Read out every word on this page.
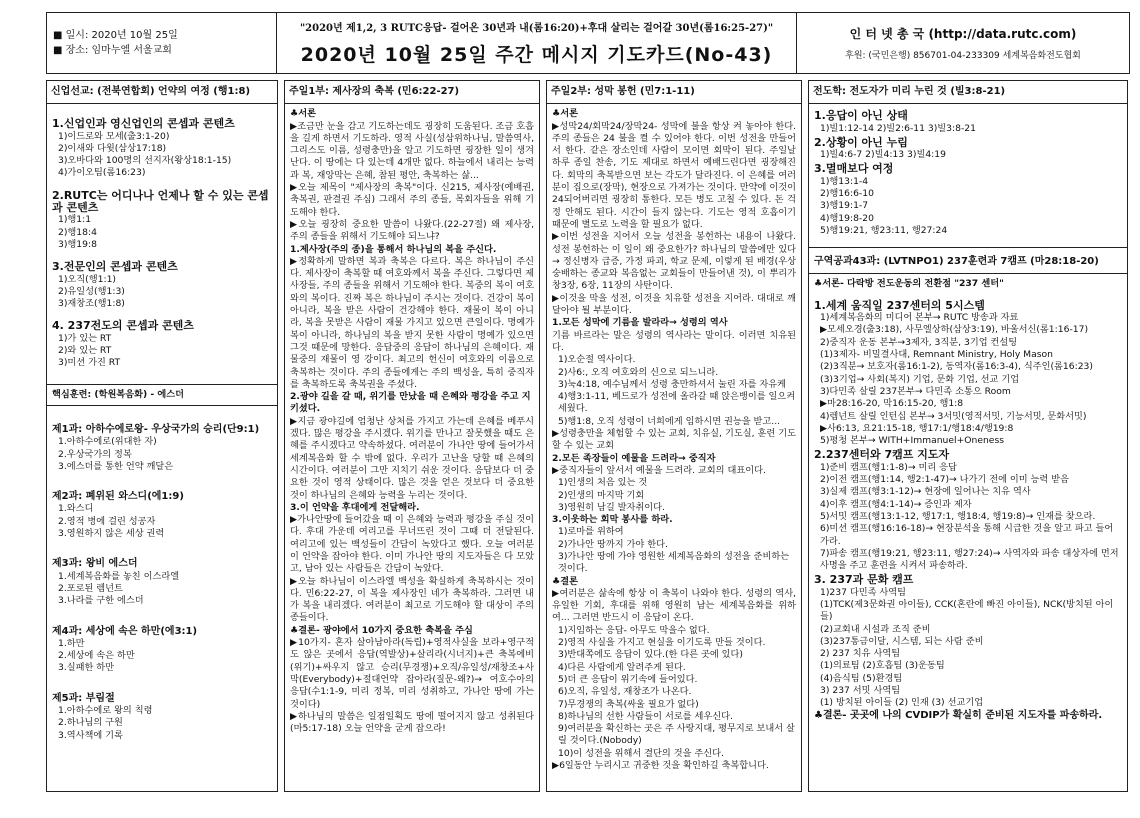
■ 일시: 2020년 10월 25일
■ 장소: 임마누엘 서울교회
"2020년 제1,2, 3 RUTC응답- 걸어온 30년과 내(롬16:20)+후대 살리는 걸어갈 30년(롬16:25-27)"
2020년 10월 25일 주간 메시지 기도카드(No-43)
인 터 넷 총 국 (http://data.rutc.com)
후원: (국민은행) 856701-04-233309 세계복음화전도협회
신업선교: (전북연합회) 언약의 여정 (행1:8)
1.신업인과 영신업인의 콘셉과 콘텐츠
1)이드로와 모세(출3:1-20)
2)이새와 다윗(삼상17:18)
3)오바다와 100명의 선지자(왕상18:1-15)
4)가이오팀(롬16:23)
2.RUTC는 어디나나 언제나 할 수 있는 콘셉과 콘텐츠
1)행1:1
2)행18:4
3)행19:8
3.전문인의 콘셉과 콘텐츠
1)오직(행1:1)
2)유일성(행1:3)
3)재창조(행1:8)
4. 237전도의 콘셉과 콘텐츠
1)가 있는 RT
2)와 있는 RT
3)미션 가진 RT
핵심훈련: (학원복음화) - 에스더
제1과: 아하수에로왕- 우상국가의 승리(단9:1)
1.아하수에로(위대한 자)
2.우상국가의 정복
3.에스더를 통한 언약 깨달은
제2과: 폐위된 와스디(에1:9)
1.와스디
2.영적 병에 걸린 성공자
3.영원하지 않은 세상 권력
제3과: 왕비 에스더
1.세계복음화를 놓친 이스라엘
2.포로된 렘넌트
3.나라를 구한 에스더
제4과: 세상에 속은 하만(에3:1)
1.하만
2.세상에 속은 하만
3.실패한 하만
제5과: 부림절
1.아하수에로 왕의 칙령
2.하나님의 구원
3.역사책에 기록
주일1부: 제사장의 축복 (민6:22-27)

♣서론

▶조금만 눈을 감고 기도하는데도 굉장히 도움된다. 조금 호흡을 길게 하면서 기도하라. 영적 사실(성삼위하나님, 말씀역사, 그리스도 이름, 성령충만)을 알고 기도하면 굉장한 일이 생겨난다. 이 땅에는 다 있는데 4개만 없다. 하늘에서 내리는 능력과 복, 재앙막는 은혜, 참된 평안, 축복하는 삶...

▶오늘 제목이 "제사장의 축복"이다. 신215, 제사장(예배권, 축복권, 판결권 주심) 그래서 주의 종들, 목회자들을 위해 기도해야 한다.

▶오늘 굉장히 중요한 말씀이 나왔다.(22-27절) 왜 제사장, 주의 종들을 위해서 기도해야 되느냐?

1.제사장(주의 종)을 통해서 하나님의 복을 주신다.

▶정확하게 말하면 복과 축복은 다르다. 복은 하나님이 주신다. 제사장이 축복할 때 여호와께서 복을 주신다. 그렇다면 제사장들, 주의 종들을 위해서 기도해야 한다. 복중의 복이 여호와의 복이다. 진짜 복은 하나님이 주시는 것이다. 건강이 복이 아니라, 복을 받은 사람이 건강해야 한다. 재물이 복이 아니라, 복을 못받은 사람이 재물 가지고 있으면 큰일이다. 명예가 복이 아니라, 하나님의 복을 받지 못한 사람이 명예가 있으면 그것 때문에 망한다. 응답중의 응답이 하나님의 은혜이다. 재물중의 재물이 영 강이다. 최고의 헌신이 여호와의 이름으로 축복하는 것이다. 주의 종들에게는 주의 백성을, 특히 중직자를 축복하도록 축복권을 주셨다.

2.광야 길을 갈 때, 위기를 만났을 때 은혜와 평강을 주고 지키셨다.

▶지금 광야길에 엄청난 상처를 가지고 가는데 은혜를 베푸시겠다. 많은 평강을 주시겠다. 위기를 만나고 잘못했을 때도 은혜를 주시겠다고 약속하셨다. 여러분이 가나안 땅에 들어가서 세계복음화 할 수 밖에 없다. 우리가 고난을 당할 때 은혜의 시간이다. 여러분이 그만 지치기 쉬운 것이다. 응답보다 더 중요한 것이 영적 상태이다. 많은 것을 얻은 것보다 더 중요한 것이 하나님의 은혜와 능력을 누리는 것이다.

3.이 언약을 후대에게 전달해라.

▶가나안땅에 들어갔을 때 이 은혜와 능력과 평강을 주실 것이다. 후대 가운데 여리고를 무너뜨린 것이 그때 더 전달된다. 여리고에 있는 백성들이 간담이 녹았다고 했다. 오늘 여러분이 언약을 잡아야 한다. 이미 가나안 땅의 지도자들은 다 모았고, 남아 있는 사람들은 간담이 녹았다.

▶오늘 하나님이 이스라엘 백성을 확실하게 축복하시는 것이다. 민6:22-27, 이 복을 제사장인 네가 축복하라. 그러면 내가 복을 내리겠다. 여러분이 최고로 기도해야 할 대상이 주의 종들이다.

♣결론- 광야에서 10가지 중요한 축복을 주심

▶10가지- 혼자 살아남아라(독립)+영적사실을 보라+영구적도 않은 곳에서 응답(역발상)+살리라(시너지)+큰 축복에비(위기)+싸우지 않고 승리(무경쟁)+오직/유일성/재창조+사막(Everybody)+절대언약 잡아라(질문-왜?)→ 여호수아의 응답(수1:1-9, 미리 정복, 미리 성취하고, 가나안 땅에 가는 것이다)

▶하나님의 말씀은 일점일획도 땅에 떨어지지 않고 성취된다(마5:17-18) 오늘 언약을 굳게 잡으라!

주일2부: 성막 봉헌 (민7:1-11)

♣서론

▶성막24/회막24/장막24- 성막에 불을 항상 켜 놓아야 한다. 주의 종들은 24 불을 켤 수 있어야 한다. 이번 성전을 만들어서 한다. 같은 장소인데 사람이 모이면 회막이 된다. 주일날 하루 종일 찬송, 기도 제대로 하면서 예배드린다면 굉장해진다. 회막의 축복받으면 보는 각도가 달라진다. 이 은혜를 여러분이 집으로(장막), 현장으로 가져가는 것이다. 만약에 이것이 24되어버리면 굉장히 통한다. 모든 병도 고칠 수 있다. 돈 걱정 안해도 된다. 시간이 들지 않는다. 기도는 영적 호흡이기 때문에 별도로 노력을 할 필요가 없다.

▶이번 성전을 지어서 오늘 성전을 봉헌하는 내용이 나왔다. 성전 봉헌하는 이 일이 왜 중요한가? 하나님의 말씀에만 있다→ 정신병자 급증, 가정 파괴, 학교 문제, 이렇게 된 배경(우상숭배하는 종교와 복음없는 교회들이 만들어낸 것), 이 뿌리가 창3장, 6장, 11장의 사탄이다.

▶이것을 막을 성전, 이것을 치유할 성전을 지어라. 대대로 깨달아야 될 부분이다.

1.모든 성막에 기름을 발라라→ 성령의 역사

기름 바르라는 말은 성령의 역사라는 말이다. 이러면 치유된다.

1)오순절 역사이다.
2)사6:, 오직 여호와의 신으로 되느니라.
3)눅4:18, 예수님께서 성령 충만하셔서 눌린 자를 자유케
4)행3:1-11, 베드로가 성전에 올라갈 때 앉은뱅이를 일으켜세웠다.
5)행1:8, 오직 성령이 너희에게 임하시면 권능을 받고...

▶성령충만을 체험할 수 있는 교회, 치유실, 기도실, 훈련 기도할 수 있는 교회

2.모든 족장들이 예물을 드려라→ 중직자

▶중직자들이 앞서서 예물을 드려라. 교회의 대표이다.

1)인생의 처음 있는 것
2)인생의 마지막 기회
3)영원히 남길 발자취이다.

3.이웃하는 회막 봉사를 하라.

1)로마를 위하여
2)가나안 땅까지 가야 한다.
3)가나안 땅에 가야 영원한 세계복음화의 성전을 준비하는 것이다.

♣결론

▶여러분은 삶속에 항상 이 축복이 나와야 한다. 성령의 역사, 유일한 기회, 후대를 위해 영원히 남는 세계복음화를 위하여... 그러면 반드시 이 응답이 온다.

1)지임하는 응답- 아무도 막을수 없다.
2)영적 사실을 가지고 현실을 이기도록 만들 것이다.
3)반대쪽에도 응답이 있다.(한 다른 곳에 있다)
4)다른 사람에게 알려주게 된다.
5)더 큰 응답이 위기속에 들어있다.
6)오직, 유일성, 재창조가 나온다.
7)무경쟁의 축복(싸울 필요가 없다)
8)하나님의 선한 사람들이 서로를 세우신다.
9)여러분을 확신하는 곳은 주 사랑지대, 평무지로 보내서 살릴 것이다.(Nobody)
10)이 성전을 위해서 결단의 것을 주신다.

▶6일동안 누리시고 귀중한 것을 확인하길 축복합니다.

전도학: 전도자가 미리 누린 것 (빌3:8-21)

1.응답이 아닌 상태

1)빌1:12-14 2)빌2:6-11 3)빌3:8-21

2.상황이 아닌 누림

1)빌4:6-7 2)빌4:13 3)빌4:19

3.멸매보다 여정

1)행13:1-4
2)행16:6-10
3)행19:1-7
4)행19:8-20
5)행19:21, 행23:11, 행27:24

구역공과43과: (LVTNPO1) 237훈련과 7캠프 (마28:18-20)

♣서론- 다락방 전도운동의 전환점 "237 센터"

1.세계 움직일 237센터의 5시스템

1)세계복음화의 미디어 본부→ RUTC 방송과 자료
▶모세오경(출3:18), 사무엘상하(삼상3:19), 바울서신(롬1:16-17)
2)중직자 운동 본부→3제자, 3직분, 3기업 컨설팅
(1)3제자- 비밀결사대, Remnant Ministry, Holy Mason
(2)3직분→ 보호자(롬16:1-2), 동역자(롬16:3-4), 식주인(롬16:23)
(3)3기업→ 사회(복지) 기업, 문화 기업, 선교 기업
3)다민족 살릴 237본부→ 다민족 소통으 Room
▶마28:16-20, 막16:15-20, 행1:8
4)렘넌트 살릴 인턴십 본부→ 3서밋(영적서밋, 기능서밋, 문화서밋)
▶사6:13, 요21:15-18, 행17:1/행18:4/행19:8
5)평청 본부→ WITH+Immanuel+Oneness

2.237센터와 7캠프 지도자

1)준비 캠프(행1:1-8)→ 미리 응답
2)이전 캠프(행1:14, 행2:1-47)→ 나가기 전에 이미 능력 받음
3)실제 캠프(행3:1-12)→ 현장에 일어나는 치유 역사
4)이후 캠프(행4:1-14)→ 증인과 제자
5)서밋 캠프(행13:1-12, 행17:1, 행18:4, 행19:8)→ 인재를 찾으라.
6)미션 캠프(행16:16-18)→ 현장분석을 통해 시급한 것을 알고 파고 들어가라.
7)파송 캠프(행19:21, 행23:11, 행27:24)→ 사역자와 파송 대상자에 먼저 사명을 주고 훈련을 시켜서 파송하라.

3. 237과 문화 캠프

1)237 다민족 사역팀
(1)TCK(제3문화권 아이들), CCK(혼란에 빠진 아이들), NCK(방치된 아이들)
(2)교회내 시설과 조직 준비
(3)237통금이달, 시스템, 되는 사람 준비
2) 237 치유 사역팀
(1)의료팀 (2)호흡팀 (3)운동팀
(4)음식팀 (5)환경팀
3) 237 서밋 사역팀
(1) 방치된 아이들 (2) 인재 (3) 선교기업

♣결론- 곳곳에 나의 CVDIP가 확실히 준비된 지도자를 파송하라.
